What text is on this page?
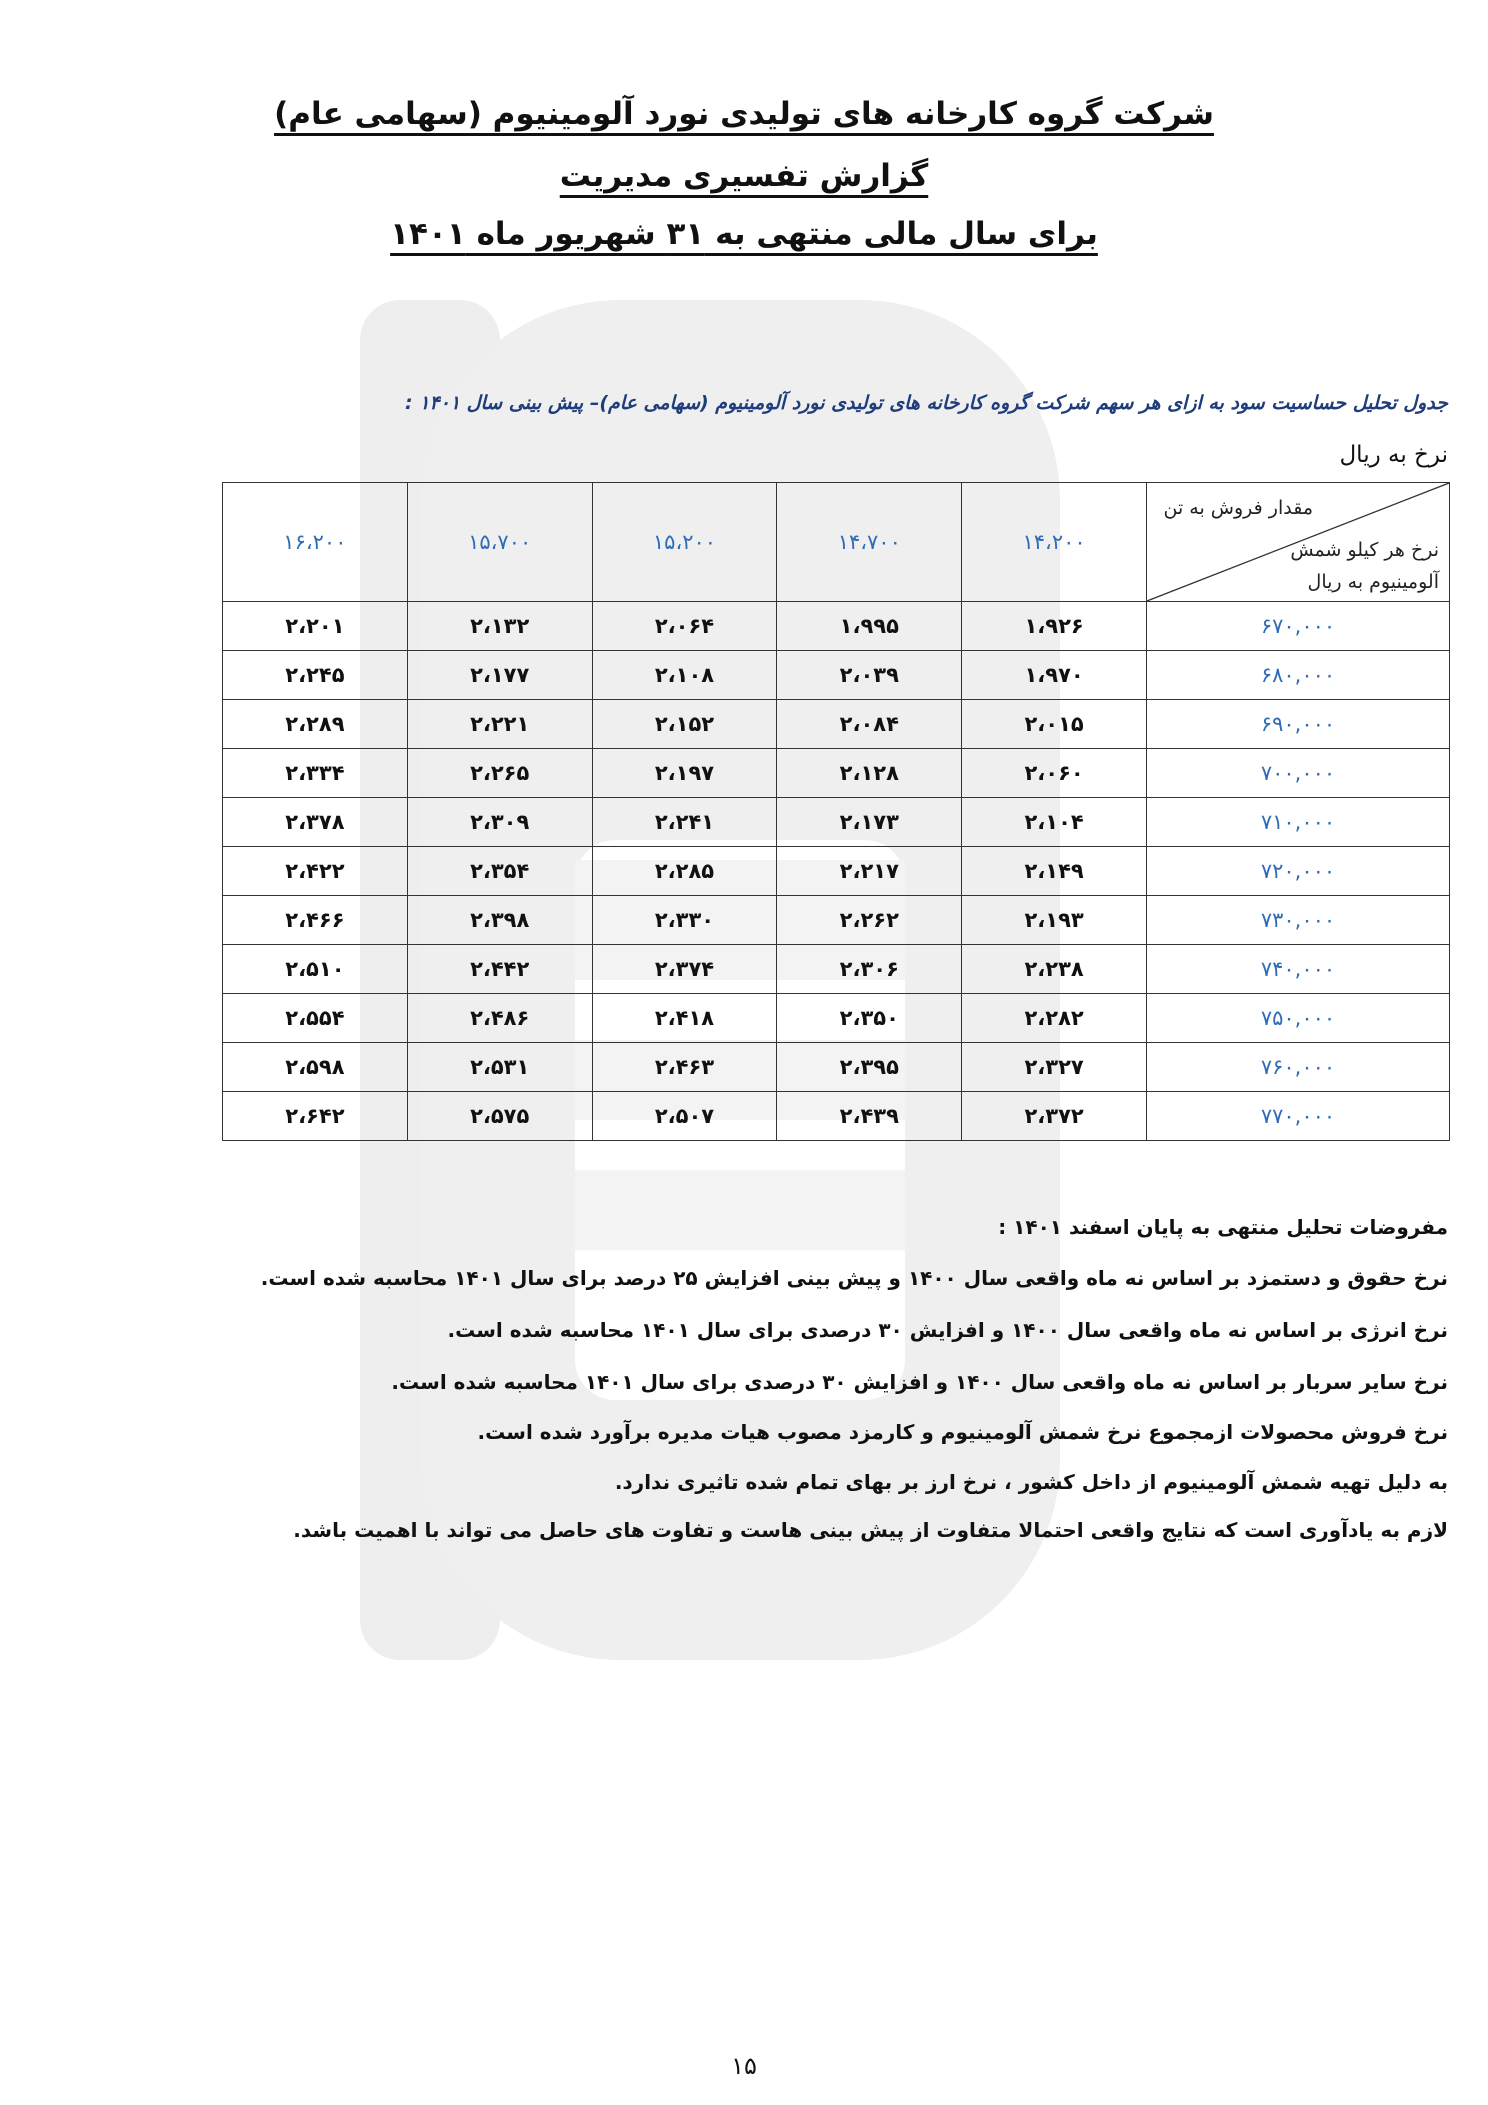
شرکت گروه کارخانه های تولیدی نورد آلومینیوم (سهامی عام)
گزارش تفسیری مدیریت
برای سال مالی منتهی به ۳۱ شهریور ماه ۱۴۰۱
جدول تحلیل حساسیت سود به ازای هر سهم شرکت گروه کارخانه های تولیدی نورد آلومینیوم (سهامی عام)– پیش بینی سال ۱۴۰۱ :
نرخ به ریال
۱۶،۲۰۰	۱۵،۷۰۰	۱۵،۲۰۰	۱۴،۷۰۰	۱۴،۲۰۰	مقدار فروش به تن
نرخ هر کیلو شمش
آلومینیوم به ریال

۲،۲۰۱	۲،۱۳۲	۲،۰۶۴	۱،۹۹۵	۱،۹۲۶	۶۷۰,۰۰۰
۲،۲۴۵	۲،۱۷۷	۲،۱۰۸	۲،۰۳۹	۱،۹۷۰	۶۸۰,۰۰۰
۲،۲۸۹	۲،۲۲۱	۲،۱۵۲	۲،۰۸۴	۲،۰۱۵	۶۹۰,۰۰۰
۲،۳۳۴	۲،۲۶۵	۲،۱۹۷	۲،۱۲۸	۲،۰۶۰	۷۰۰,۰۰۰
۲،۳۷۸	۲،۳۰۹	۲،۲۴۱	۲،۱۷۳	۲،۱۰۴	۷۱۰,۰۰۰
۲،۴۲۲	۲،۳۵۴	۲،۲۸۵	۲،۲۱۷	۲،۱۴۹	۷۲۰,۰۰۰
۲،۴۶۶	۲،۳۹۸	۲،۳۳۰	۲،۲۶۲	۲،۱۹۳	۷۳۰,۰۰۰
۲،۵۱۰	۲،۴۴۲	۲،۳۷۴	۲،۳۰۶	۲،۲۳۸	۷۴۰,۰۰۰
۲،۵۵۴	۲،۴۸۶	۲،۴۱۸	۲،۳۵۰	۲،۲۸۲	۷۵۰,۰۰۰
۲،۵۹۸	۲،۵۳۱	۲،۴۶۳	۲،۳۹۵	۲،۳۲۷	۷۶۰,۰۰۰
۲،۶۴۲	۲،۵۷۵	۲،۵۰۷	۲،۴۳۹	۲،۳۷۲	۷۷۰,۰۰۰
مفروضات تحلیل منتهی به پایان اسفند ۱۴۰۱ :
نرخ حقوق و دستمزد بر اساس نه ماه واقعی سال ۱۴۰۰ و پیش بینی افزایش ۲۵ درصد برای سال ۱۴۰۱ محاسبه شده است.
نرخ انرژی بر اساس نه ماه واقعی سال ۱۴۰۰ و افزایش ۳۰ درصدی برای سال ۱۴۰۱ محاسبه شده است.
نرخ سایر سربار بر اساس نه ماه واقعی سال ۱۴۰۰ و افزایش ۳۰ درصدی برای سال ۱۴۰۱ محاسبه شده است.
نرخ فروش محصولات ازمجموع نرخ شمش آلومینیوم و کارمزد مصوب هیات مدیره برآورد شده است.
به دلیل تهیه شمش آلومینیوم از داخل کشور ، نرخ ارز بر بهای تمام شده تاثیری ندارد.
لازم به یادآوری است که نتایج واقعی احتمالا متفاوت از پیش بینی هاست و تفاوت های حاصل می تواند با اهمیت باشد.
۱۵
